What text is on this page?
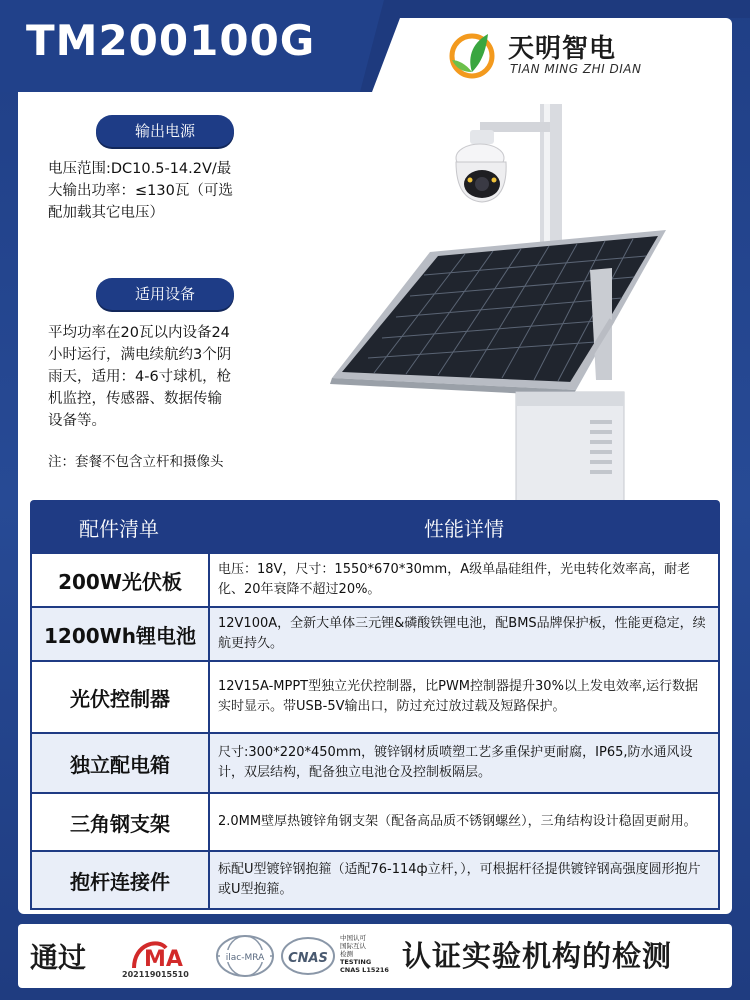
TM200100G	天明智电
TIAN MING ZHI DIAN
输出电源
电压范围:DC10.5-14.2V/最
大输出功率：≤130瓦（可选
配加载其它电压）
适用设备
平均功率在20瓦以内设备24
小时运行，满电续航约3个阴
雨天，适用：4-6寸球机，枪
机监控，传感器、数据传输
设备等。
注：套餐不包含立杆和摄像头
配件清单	性能详情
200W光伏板	电压：18V，尺寸：1550*670*30mm，A级单晶硅组件，光电转化效率高，耐老化、20年衰降不超过20%。
1200Wh锂电池	12V100A，全新大单体三元锂&磷酸铁锂电池，配BMS品牌保护板，性能更稳定，续航更持久。
光伏控制器	12V15A-MPPT型独立光伏控制器，比PWM控制器提升30%以上发电效率,运行数据实时显示。带USB-5V输出口，防过充过放过载及短路保护。
独立配电箱	尺寸:300*220*450mm，镀锌钢材质喷塑工艺多重保护更耐腐，IP65,防水通风设计，双层结构，配备独立电池仓及控制板隔层。
三角钢支架	2.0MM壁厚热镀锌角钢支架（配备高品质不锈钢螺丝），三角结构设计稳固更耐用。
抱杆连接件	标配U型镀锌钢抱箍（适配76-114ф立杆，），可根据杆径提供镀锌钢高强度圆形抱片或U型抱箍。
通过	MA
202119015510
ilac-MRA CNAS
中国认可
国际互认
检测
TESTING
CNAS L15216 认证实验机构的检测
